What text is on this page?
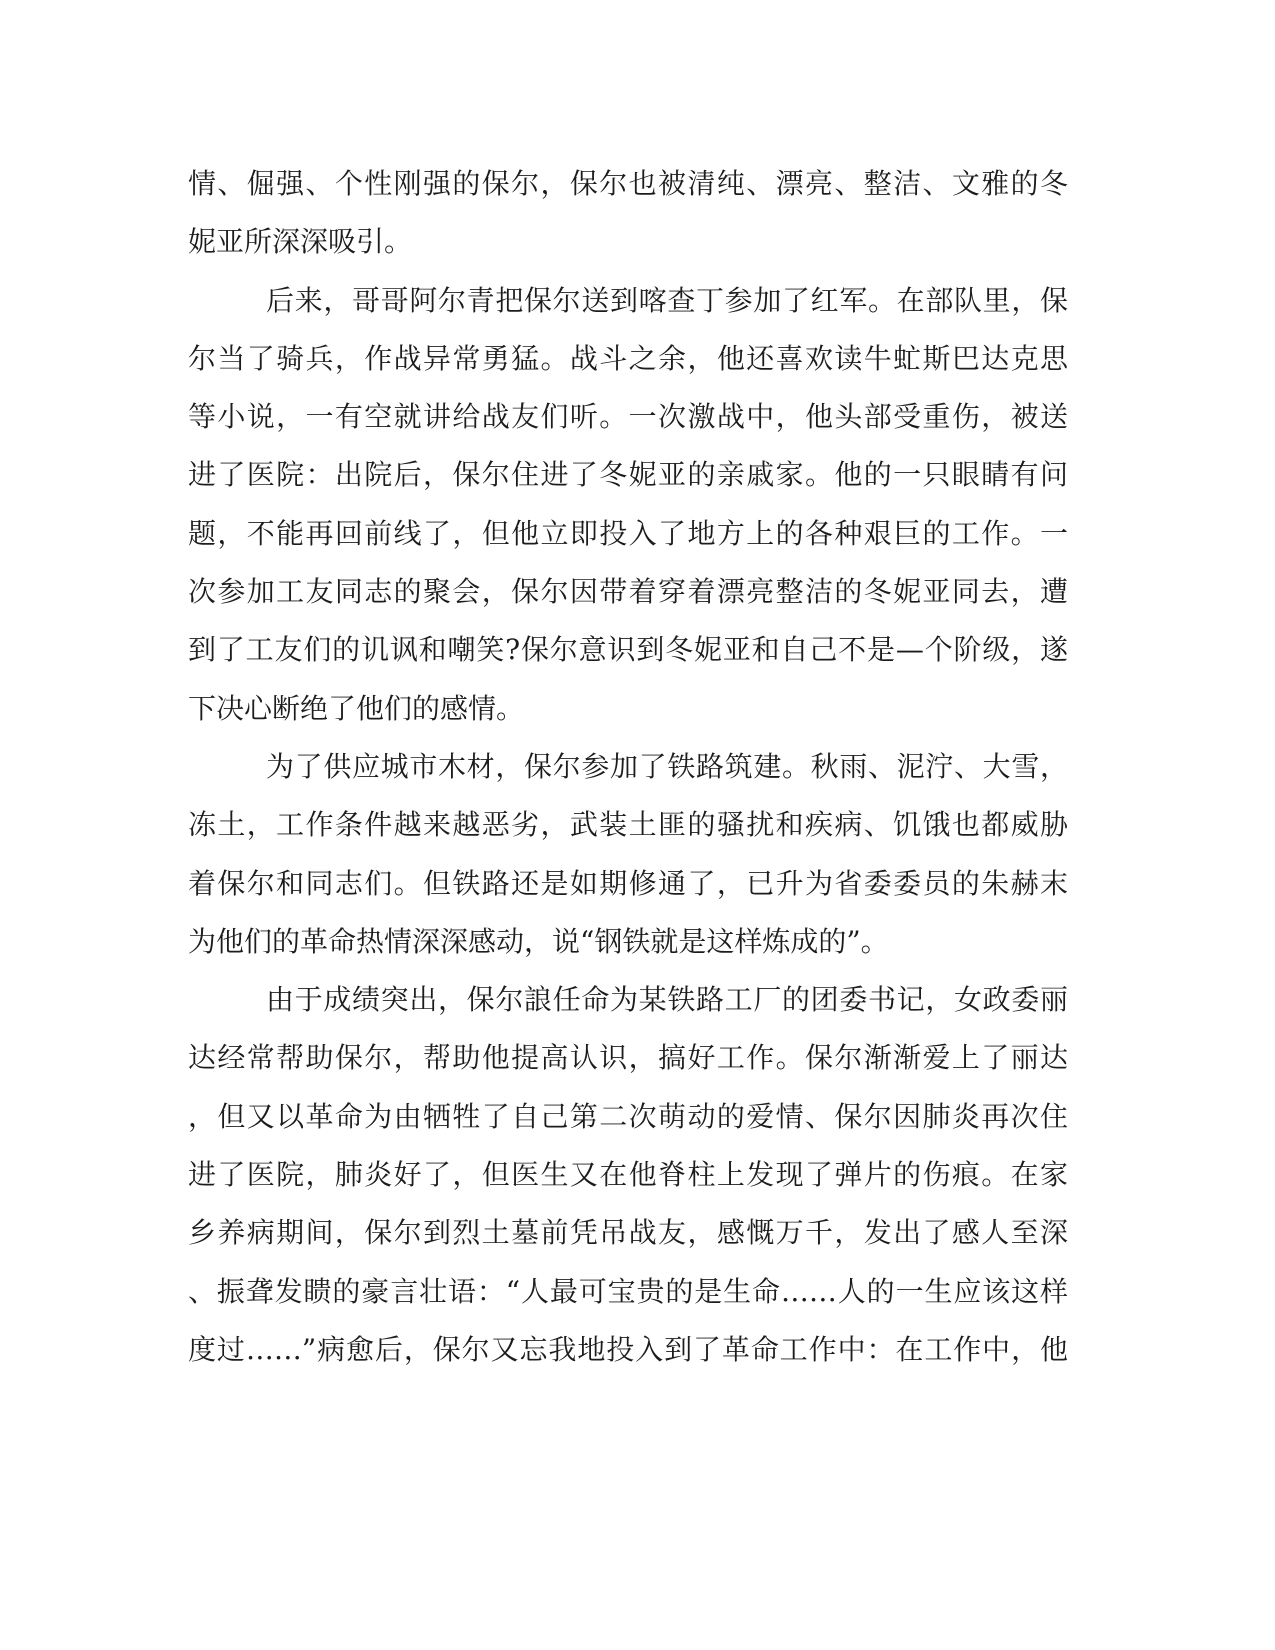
情、倔强、个性刚强的保尔，保尔也被清纯、漂亮、整洁、文雅的冬
妮亚所深深吸引。
后来，哥哥阿尔青把保尔送到喀查丁参加了红军。在部队里，保
尔当了骑兵，作战异常勇猛。战斗之余，他还喜欢读牛虻斯巴达克思
等小说，一有空就讲给战友们听。一次激战中，他头部受重伤，被送
进了医院：出院后，保尔住进了冬妮亚的亲戚家。他的一只眼睛有问
题，不能再回前线了，但他立即投入了地方上的各种艰巨的工作。一
次参加工友同志的聚会，保尔因带着穿着漂亮整洁的冬妮亚同去，遭
到了工友们的讥讽和嘲笑?保尔意识到冬妮亚和自己不是—个阶级，遂
下决心断绝了他们的感情。
为了供应城市木材，保尔参加了铁路筑建。秋雨、泥泞、大雪，
冻土，工作条件越来越恶劣，武装土匪的骚扰和疾病、饥饿也都威胁
着保尔和同志们。但铁路还是如期修通了，已升为省委委员的朱赫末
为他们的革命热情深深感动，说“钢铁就是这样炼成的”。
由于成绩突出，保尔誏任命为某铁路工厂的团委书记，女政委丽
达经常帮助保尔，帮助他提高认识，搞好工作。保尔渐渐爱上了丽达
，但又以革命为由牺牲了自己第二次萌动的爱情、保尔因肺炎再次住
进了医院，肺炎好了，但医生又在他脊柱上发现了弹片的伤痕。在家
乡养病期间，保尔到烈土墓前凭吊战友，感慨万千，发出了感人至深
、振聋发瞆的豪言壮语：“人最可宝贵的是生命……人的一生应该这样
度过……”病愈后，保尔又忘我地投入到了革命工作中：在工作中，他
